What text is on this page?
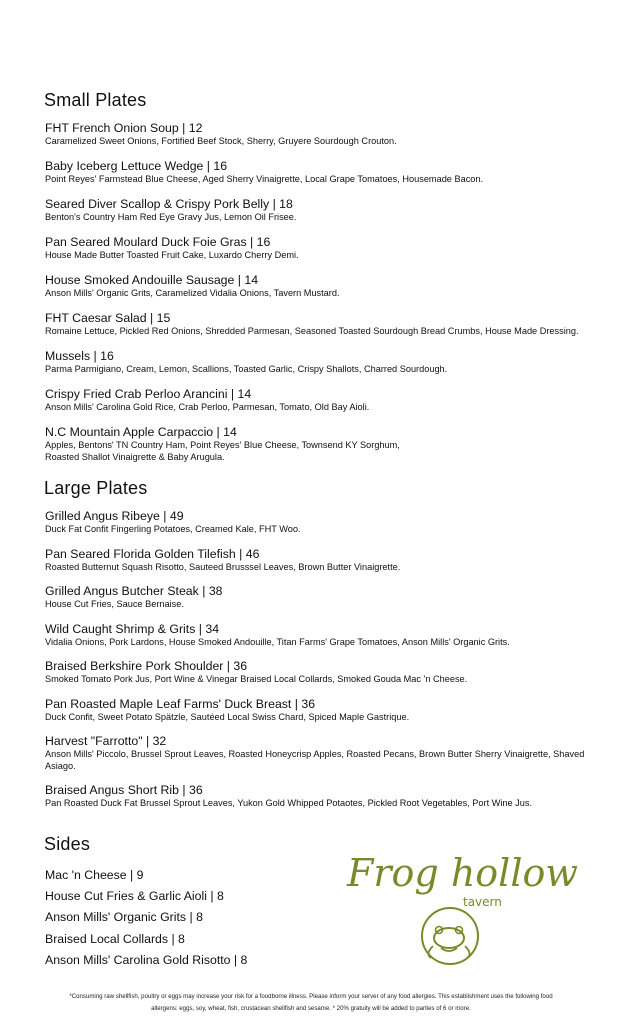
Small Plates
FHT French Onion Soup | 12
Caramelized Sweet Onions, Fortified Beef Stock, Sherry, Gruyere Sourdough Crouton.
Baby Iceberg Lettuce Wedge | 16
Point Reyes' Farmstead Blue Cheese, Aged Sherry Vinaigrette, Local Grape Tomatoes, Housemade Bacon.
Seared Diver Scallop & Crispy Pork Belly | 18
Benton's Country Ham Red Eye Gravy Jus, Lemon Oil Frisee.
Pan Seared Moulard Duck Foie Gras | 16
House Made Butter Toasted Fruit Cake, Luxardo Cherry Demi.
House Smoked Andouille Sausage | 14
Anson Mills' Organic Grits, Caramelized Vidalia Onions, Tavern Mustard.
FHT Caesar Salad | 15
Romaine Lettuce, Pickled Red Onions, Shredded Parmesan, Seasoned Toasted Sourdough Bread Crumbs, House Made Dressing.
Mussels | 16
Parma Parmigiano, Cream, Lemon, Scallions, Toasted Garlic, Crispy Shallots, Charred Sourdough.
Crispy Fried Crab Perloo Arancini | 14
Anson Mills' Carolina Gold Rice, Crab Perloo, Parmesan, Tomato, Old Bay Aioli.
N.C Mountain Apple Carpaccio | 14
Apples, Bentons' TN Country Ham, Point Reyes' Blue Cheese, Townsend KY Sorghum,
Roasted Shallot Vinaigrette & Baby Arugula.
Large Plates
Grilled Angus Ribeye | 49
Duck Fat Confit Fingerling Potatoes, Creamed Kale, FHT Woo.
Pan Seared Florida Golden Tilefish | 46
Roasted Butternut Squash Risotto, Sauteed Brusssel Leaves, Brown Butter Vinaigrette.
Grilled Angus Butcher Steak | 38
House Cut Fries, Sauce Bernaise.
Wild Caught Shrimp & Grits | 34
Vidalia Onions, Pork Lardons, House Smoked Andouille, Titan Farms' Grape Tomatoes, Anson Mills' Organic Grits.
Braised Berkshire Pork Shoulder | 36
Smoked Tomato Pork Jus, Port Wine & Vinegar Braised Local Collards, Smoked Gouda Mac 'n Cheese.
Pan Roasted Maple Leaf Farms' Duck Breast | 36
Duck Confit, Sweet Potato Spätzle, Sautéed Local Swiss Chard, Spiced Maple Gastrique.
Harvest "Farrotto" | 32
Anson Mills' Piccolo, Brussel Sprout Leaves, Roasted Honeycrisp Apples, Roasted Pecans, Brown Butter Sherry Vinaigrette, Shaved Asiago.
Braised Angus Short Rib | 36
Pan Roasted Duck Fat Brussel Sprout Leaves, Yukon Gold Whipped Potaotes, Pickled Root Vegetables, Port Wine Jus.
Sides
Mac 'n Cheese | 9
House Cut Fries & Garlic Aioli | 8
Anson Mills' Organic Grits | 8
Braised Local Collards | 8
Anson Mills' Carolina Gold Risotto | 8
Frog hollow
tavern
*Consuming raw shellfish, poultry or eggs may increase your risk for a foodborne illness. Please inform your server of any food allergies. This establishment uses the following food
allergens: eggs, soy, wheat, fish, crustacean shellfish and sesame. * 20% gratuity will be added to parties of 6 or more.
